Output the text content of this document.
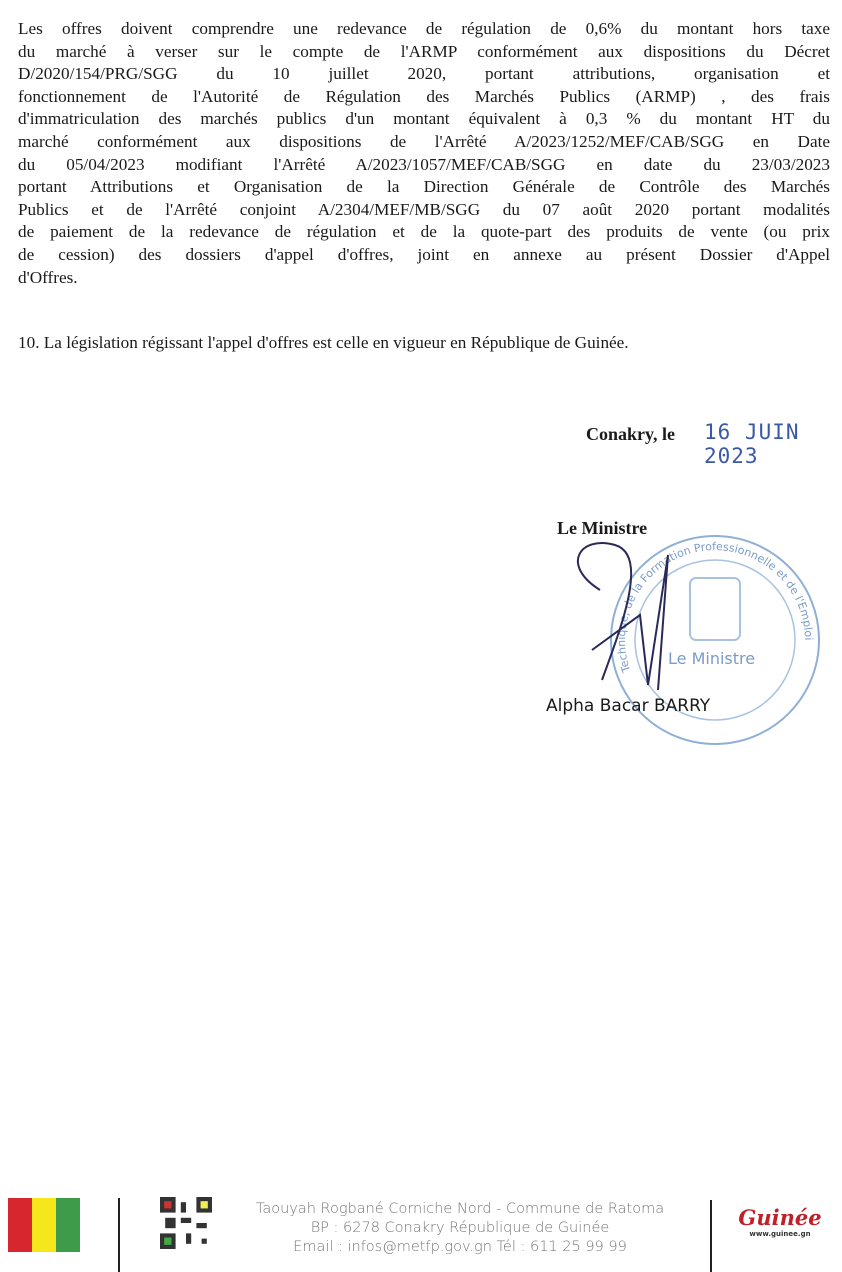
Les offres doivent comprendre une redevance de régulation de 0,6% du montant hors taxe
du marché à verser sur le compte de l'ARMP conformément aux dispositions du Décret
D/2020/154/PRG/SGG du 10 juillet 2020, portant attributions, organisation et
fonctionnement de l'Autorité de Régulation des Marchés Publics (ARMP) , des frais
d'immatriculation des marchés publics d'un montant équivalent à 0,3 % du montant HT du
marché conformément aux dispositions de l'Arrêté A/2023/1252/MEF/CAB/SGG en Date
du 05/04/2023 modifiant l'Arrêté A/2023/1057/MEF/CAB/SGG en date du 23/03/2023
portant Attributions et Organisation de la Direction Générale de Contrôle des Marchés
Publics et de l'Arrêté conjoint A/2304/MEF/MB/SGG du 07 août 2020 portant modalités
de paiement de la redevance de régulation et de la quote-part des produits de vente (ou prix
de cession) des dossiers d'appel d'offres, joint en annexe au présent Dossier d'Appel
d'Offres.
10. La législation régissant l'appel d'offres est celle en vigueur en République de Guinée.
Conakry, le 16 JUIN 2023
Technique, de la Formation Professionnelle et de l'Emploi
Le Ministre
Le Ministre
Alpha Bacar BARRY
Taouyah Rogbané Corniche Nord - Commune de Ratoma
BP : 6278 Conakry République de Guinée
Email : infos@metfp.gov.gn Tél : 611 25 99 99
Guinée
www.guinee.gn
